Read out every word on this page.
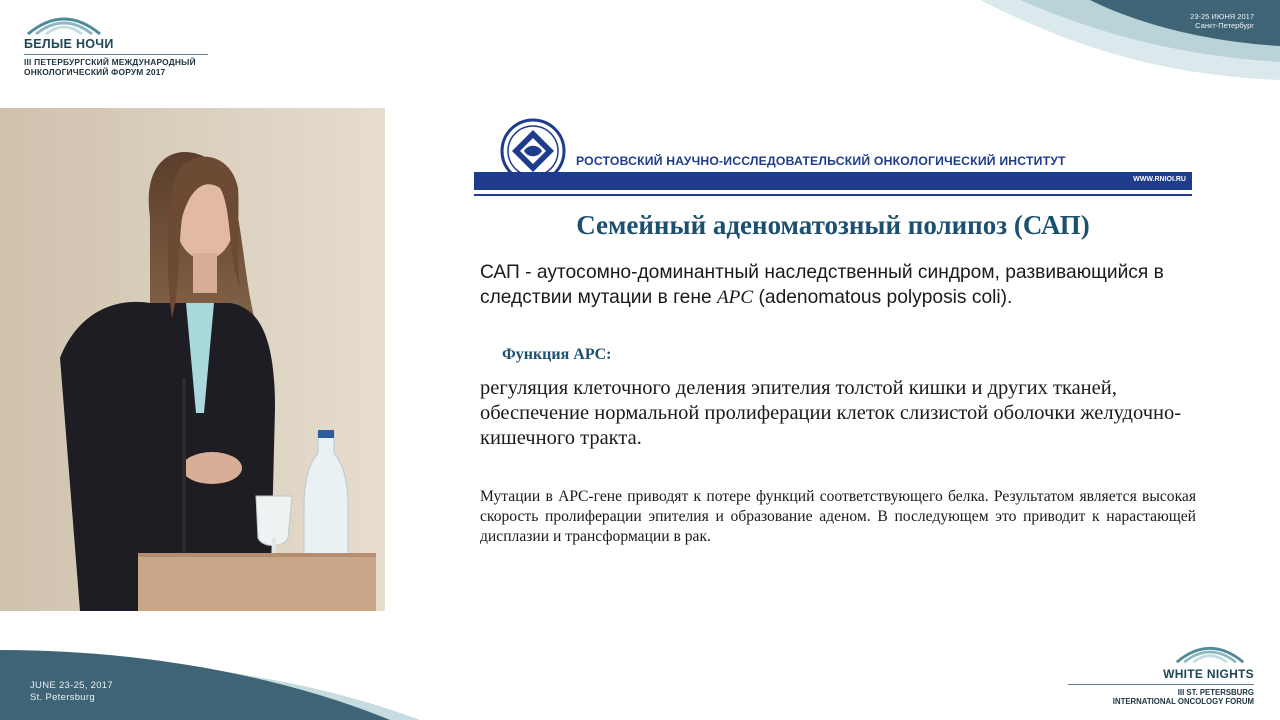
23-25 ИЮНЯ 2017
Санкт-Петербург
БЕЛЫЕ НОЧИ
III ПЕТЕРБУРГСКИЙ МЕЖДУНАРОДНЫЙ
ОНКОЛОГИЧЕСКИЙ ФОРУМ 2017
РОСТОВСКИЙ НАУЧНО-ИССЛЕДОВАТЕЛЬСКИЙ ОНКОЛОГИЧЕСКИЙ ИНСТИТУТ
WWW.RNIOI.RU
Семейный аденоматозный полипоз (САП)
САП - аутосомно-доминантный наследственный синдром, развивающийся в следствии мутации в гене APC (adenomatous polyposis coli).
Функция APC:
регуляция клеточного деления эпителия толстой кишки и других тканей, обеспечение нормальной пролиферации клеток слизистой оболочки желудочно-кишечного тракта.
Мутации в APC-гене приводят к потере функций соответствующего белка. Результатом является высокая скорость пролиферации эпителия и образование аденом. В последующем это приводит к нарастающей дисплазии и трансформации в рак.
JUNE 23-25, 2017
St. Petersburg
WHITE NIGHTS
III ST. PETERSBURG
INTERNATIONAL ONCOLOGY FORUM
